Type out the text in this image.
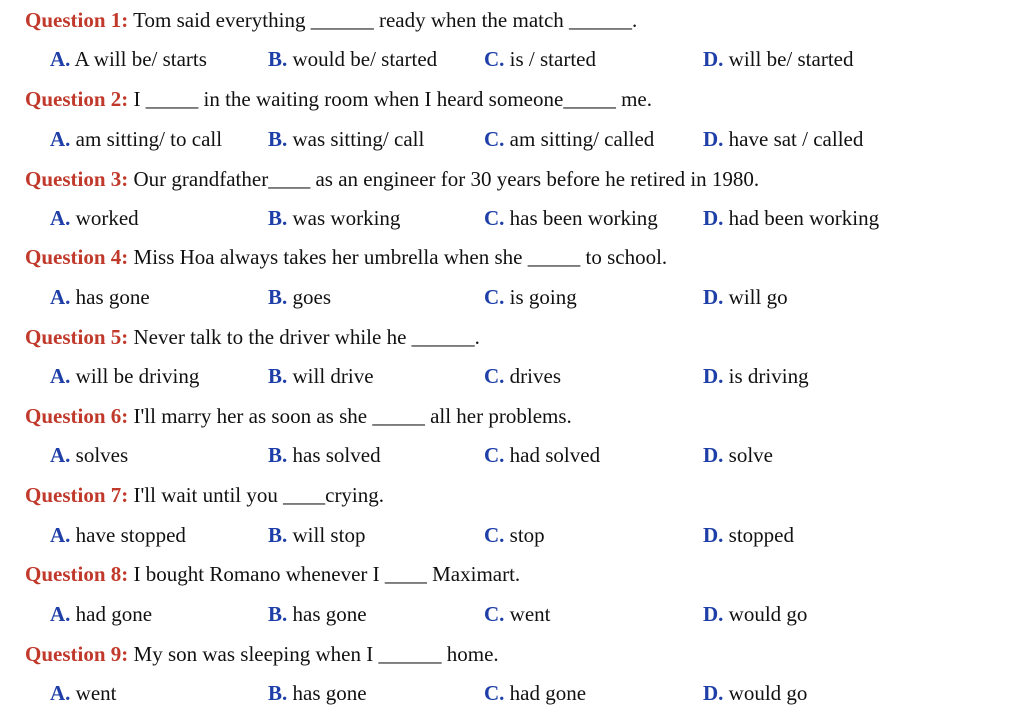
Question 1: Tom said everything ______ ready when the match ______.
A. A will be/ starts	B. would be/ started C. is / started	D. will be/ started
Question 2: I _____ in the waiting room when I heard someone_____ me.
A. am sitting/ to call B. was sitting/ call	C. am sitting/ called D. have sat / called
Question 3: Our grandfather____ as an engineer for 30 years before he retired in 1980.
A. worked	B. was working	C. has been working D. had been working
Question 4: Miss Hoa always takes her umbrella when she _____ to school.
A. has gone	B. goes	C. is going	D. will go
Question 5: Never talk to the driver while he ______.
A. will be driving	B. will drive	C. drives	D. is driving
Question 6: I'll marry her as soon as she _____ all her problems.
A. solves	B. has solved	C. had solved	D. solve
Question 7: I'll wait until you ____crying.
A. have stopped	B. will stop	C. stop	D. stopped
Question 8: I bought Romano whenever I ____ Maximart.
A. had gone	B. has gone	C. went	D. would go
Question 9: My son was sleeping when I ______ home.
A. went	B. has gone	C. had gone	D. would go
